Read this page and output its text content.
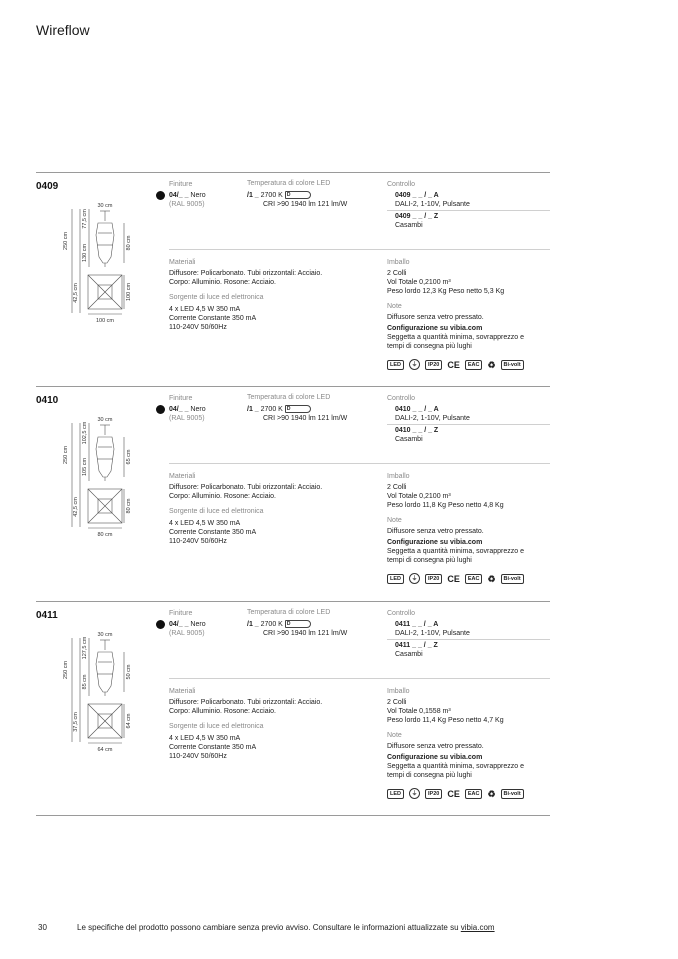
Wireflow
0409
30 cm
250 cm
77,5 cm
130 cm
42,5 cm
80 cm
100 cm
100 cm
Finiture
04/_ _ Nero
(RAL 9005)
Temperatura di colore LED
/1 _ 2700 K D
CRI >90 1940 lm 121 lm/W
Controllo
0409 _ _ / _ A
DALI-2, 1-10V, Pulsante
0409 _ _ / _ Z
Casambi
Materiali
Diffusore: Policarbonato. Tubi orizzontali: Acciaio.
Corpo: Alluminio. Rosone: Acciaio.
Sorgente di luce ed elettronica
4 x LED 4,5 W 350 mA
Corrente Constante 350 mA
110-240V 50/60Hz
Imballo
2 Colli
Vol Totale 0,2100 m³
Peso lordo 12,3 Kg Peso netto 5,3 Kg
Note
Diffusore senza vetro pressato.
Configurazione su vibia.com
Seggetta a quantità minima, sovrapprezzo e
tempi di consegna più lughi
LED	⏚	IP20 CE	EAC ♻	Bi-volt
0410
30 cm
250 cm
102,5 cm
105 cm
42,5 cm
65 cm
80 cm
80 cm
Finiture
04/_ _ Nero
(RAL 9005)
Temperatura di colore LED
/1 _ 2700 K D
CRI >90 1940 lm 121 lm/W
Controllo
0410 _ _ / _ A
DALI-2, 1-10V, Pulsante
0410 _ _ / _ Z
Casambi
Materiali
Diffusore: Policarbonato. Tubi orizzontali: Acciaio.
Corpo: Alluminio. Rosone: Acciaio.
Sorgente di luce ed elettronica
4 x LED 4,5 W 350 mA
Corrente Constante 350 mA
110-240V 50/60Hz
Imballo
2 Colli
Vol Totale 0,2100 m³
Peso lordo 11,8 Kg Peso netto 4,8 Kg
Note
Diffusore senza vetro pressato.
Configurazione su vibia.com
Seggetta a quantità minima, sovrapprezzo e
tempi di consegna più lughi
LED	⏚	IP20 CE	EAC ♻	Bi-volt
0411
30 cm
250 cm
127,5 cm
85 cm
37,5 cm
50 cm
64 cm
64 cm
Finiture
04/_ _ Nero
(RAL 9005)
Temperatura di colore LED
/1 _ 2700 K D
CRI >90 1940 lm 121 lm/W
Controllo
0411 _ _ / _ A
DALI-2, 1-10V, Pulsante
0411 _ _ / _ Z
Casambi
Materiali
Diffusore: Policarbonato. Tubi orizzontali: Acciaio.
Corpo: Alluminio. Rosone: Acciaio.
Sorgente di luce ed elettronica
4 x LED 4,5 W 350 mA
Corrente Constante 350 mA
110-240V 50/60Hz
Imballo
2 Colli
Vol Totale 0,1558 m³
Peso lordo 11,4 Kg Peso netto 4,7 Kg
Note
Diffusore senza vetro pressato.
Configurazione su vibia.com
Seggetta a quantità minima, sovrapprezzo e
tempi di consegna più lughi
LED	⏚	IP20 CE	EAC ♻	Bi-volt
30	Le specifiche del prodotto possono cambiare senza previo avviso. Consultare le informazioni attualizzate su vibia.com
